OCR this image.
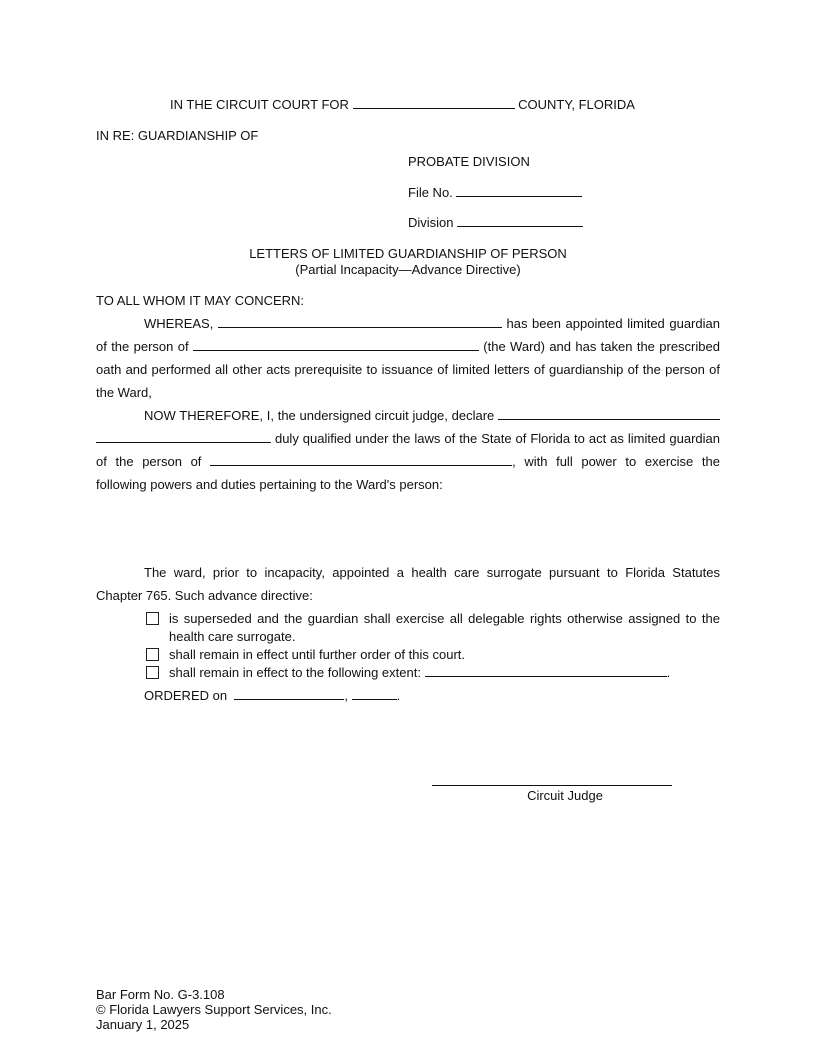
IN THE CIRCUIT COURT FOR	COUNTY, FLORIDA
IN RE: GUARDIANSHIP OF
PROBATE DIVISION
File No.
Division
LETTERS OF LIMITED GUARDIANSHIP OF PERSON
(Partial Incapacity—Advance Directive)
TO ALL WHOM IT MAY CONCERN:
WHEREAS,	has been appointed limited guardian of the person of	(the Ward) and has taken the prescribed oath and performed all other acts prerequisite to issuance of limited letters of guardianship of the person of the Ward,
NOW THEREFORE, I, the undersigned circuit judge, declare   duly qualified under the laws of the State of Florida to act as limited guardian of the person of	, with full power to exercise the following powers and duties pertaining to the Ward's person:
The ward, prior to incapacity, appointed a health care surrogate pursuant to Florida Statutes Chapter 765. Such advance directive:
is superseded and the guardian shall exercise all delegable rights otherwise assigned to the
health care surrogate.
shall remain in effect until further order of this court.
shall remain in effect to the following extent:	.
ORDERED on	,	.
Circuit Judge
Bar Form No. G-3.108
© Florida Lawyers Support Services, Inc.
January 1, 2025
